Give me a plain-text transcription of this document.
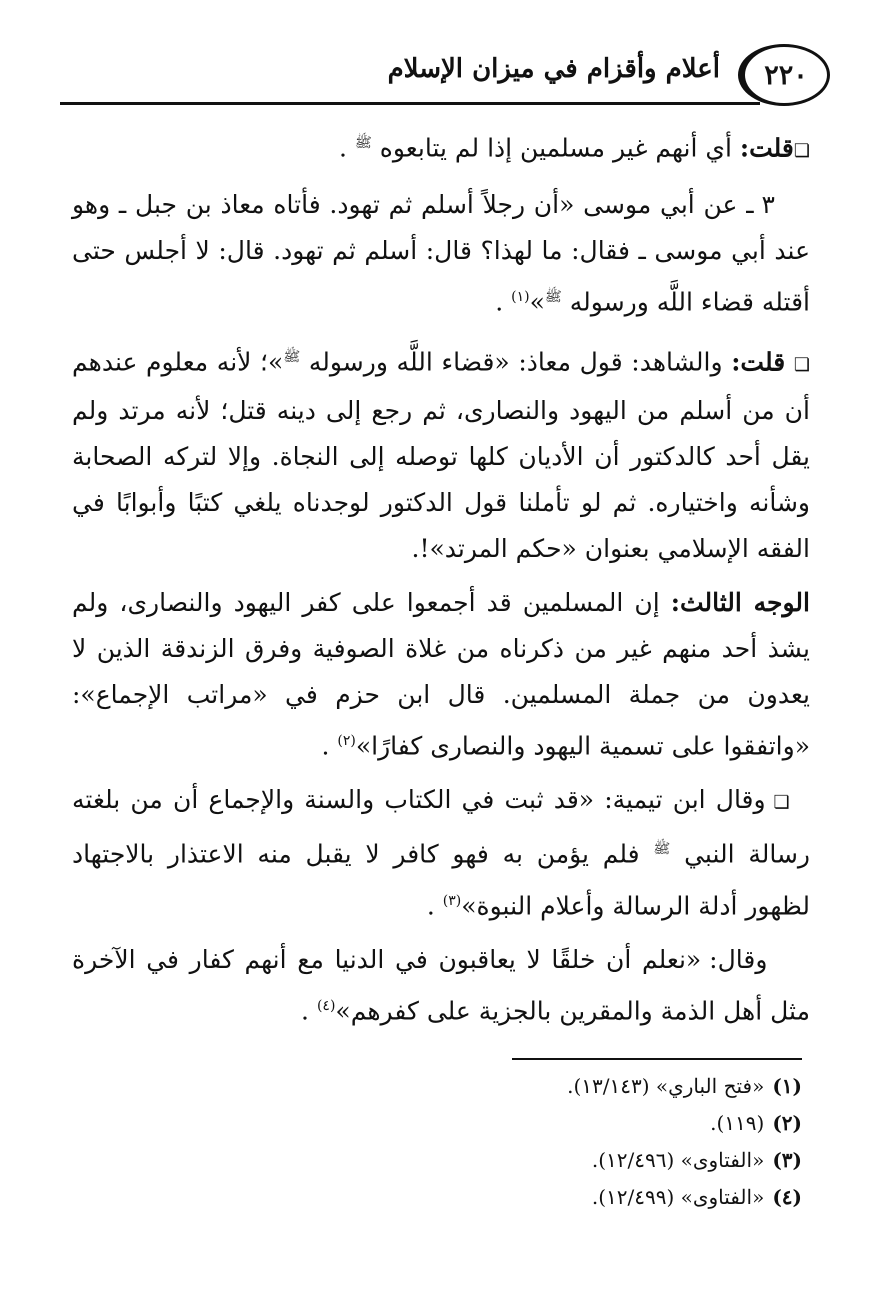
٢٢٠
أعلام وأقزام في ميزان الإسلام

❏قلت: أي أنهم غير مسلمين إذا لم يتابعوه $^ﷺ$ .

٣ ـ عن أبي موسى «أن رجلاً أسلم ثم تهود. فأتاه معاذ بن جبل ـ وهو عند أبي موسى ـ فقال: ما لهذا؟ قال: أسلم ثم تهود. قال: لا أجلس حتى أقتله قضاء اللَّه ورسوله $^ﷺ$»$^{(١)}$ .

❏ قلت: والشاهد: قول معاذ: «قضاء اللَّه ورسوله $^ﷺ$»؛ لأنه معلوم عندهم أن من أسلم من اليهود والنصارى، ثم رجع إلى دينه قتل؛ لأنه مرتد ولم يقل أحد كالدكتور أن الأديان كلها توصله إلى النجاة. وإلا لتركه الصحابة وشأنه واختياره. ثم لو تأملنا قول الدكتور لوجدناه يلغي كتبًا وأبوابًا في الفقه الإسلامي بعنوان «حكم المرتد»!.

الوجه الثالث: إن المسلمين قد أجمعوا على كفر اليهود والنصارى، ولم يشذ أحد منهم غير من ذكرناه من غلاة الصوفية وفرق الزندقة الذين لا يعدون من جملة المسلمين. قال ابن حزم في «مراتب الإجماع»: «واتفقوا على تسمية اليهود والنصارى كفارًا»$^{(٢)}$ .

❏ وقال ابن تيمية: «قد ثبت في الكتاب والسنة والإجماع أن من بلغته رسالة النبي $^ﷺ$ فلم يؤمن به فهو كافر لا يقبل منه الاعتذار بالاجتهاد لظهور أدلة الرسالة وأعلام النبوة»$^{(٣)}$ .

وقال: «نعلم أن خلقًا لا يعاقبون في الدنيا مع أنهم كفار في الآخرة مثل أهل الذمة والمقرين بالجزية على كفرهم»$^{(٤)}$ .

(١)«فتح الباري» (١٣/١٤٣).
(٢)(١١٩).
(٣)«الفتاوى» (١٢/٤٩٦).
(٤)«الفتاوى» (١٢/٤٩٩).
